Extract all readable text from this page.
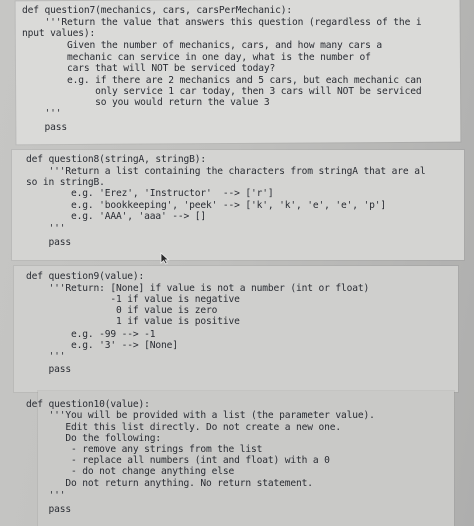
def question7(mechanics, cars, carsPerMechanic):
'''Return the value that answers this question (regardless of the i
nput values):
Given the number of mechanics, cars, and how many cars a
mechanic can service in one day, what is the number of
cars that will NOT be serviced today?
e.g. if there are 2 mechanics and 5 cars, but each mechanic can
only service 1 car today, then 3 cars will NOT be serviced
so you would return the value 3
'''
pass
def question8(stringA, stringB):
'''Return a list containing the characters from stringA that are al
so in stringB.
e.g. 'Erez', 'Instructor'  --> ['r']
e.g. 'bookkeeping', 'peek' --> ['k', 'k', 'e', 'e', 'p']
e.g. 'AAA', 'aaa' --> []
'''
pass
def question9(value):
'''Return: [None] if value is not a number (int or float)
-1 if value is negative
0 if value is zero
1 if value is positive
e.g. -99 --> -1
e.g. '3' --> [None]
'''
pass
def question10(value):
'''You will be provided with a list (the parameter value).
Edit this list directly. Do not create a new one.
Do the following:
- remove any strings from the list
- replace all numbers (int and float) with a 0
- do not change anything else
Do not return anything. No return statement.
'''
pass
